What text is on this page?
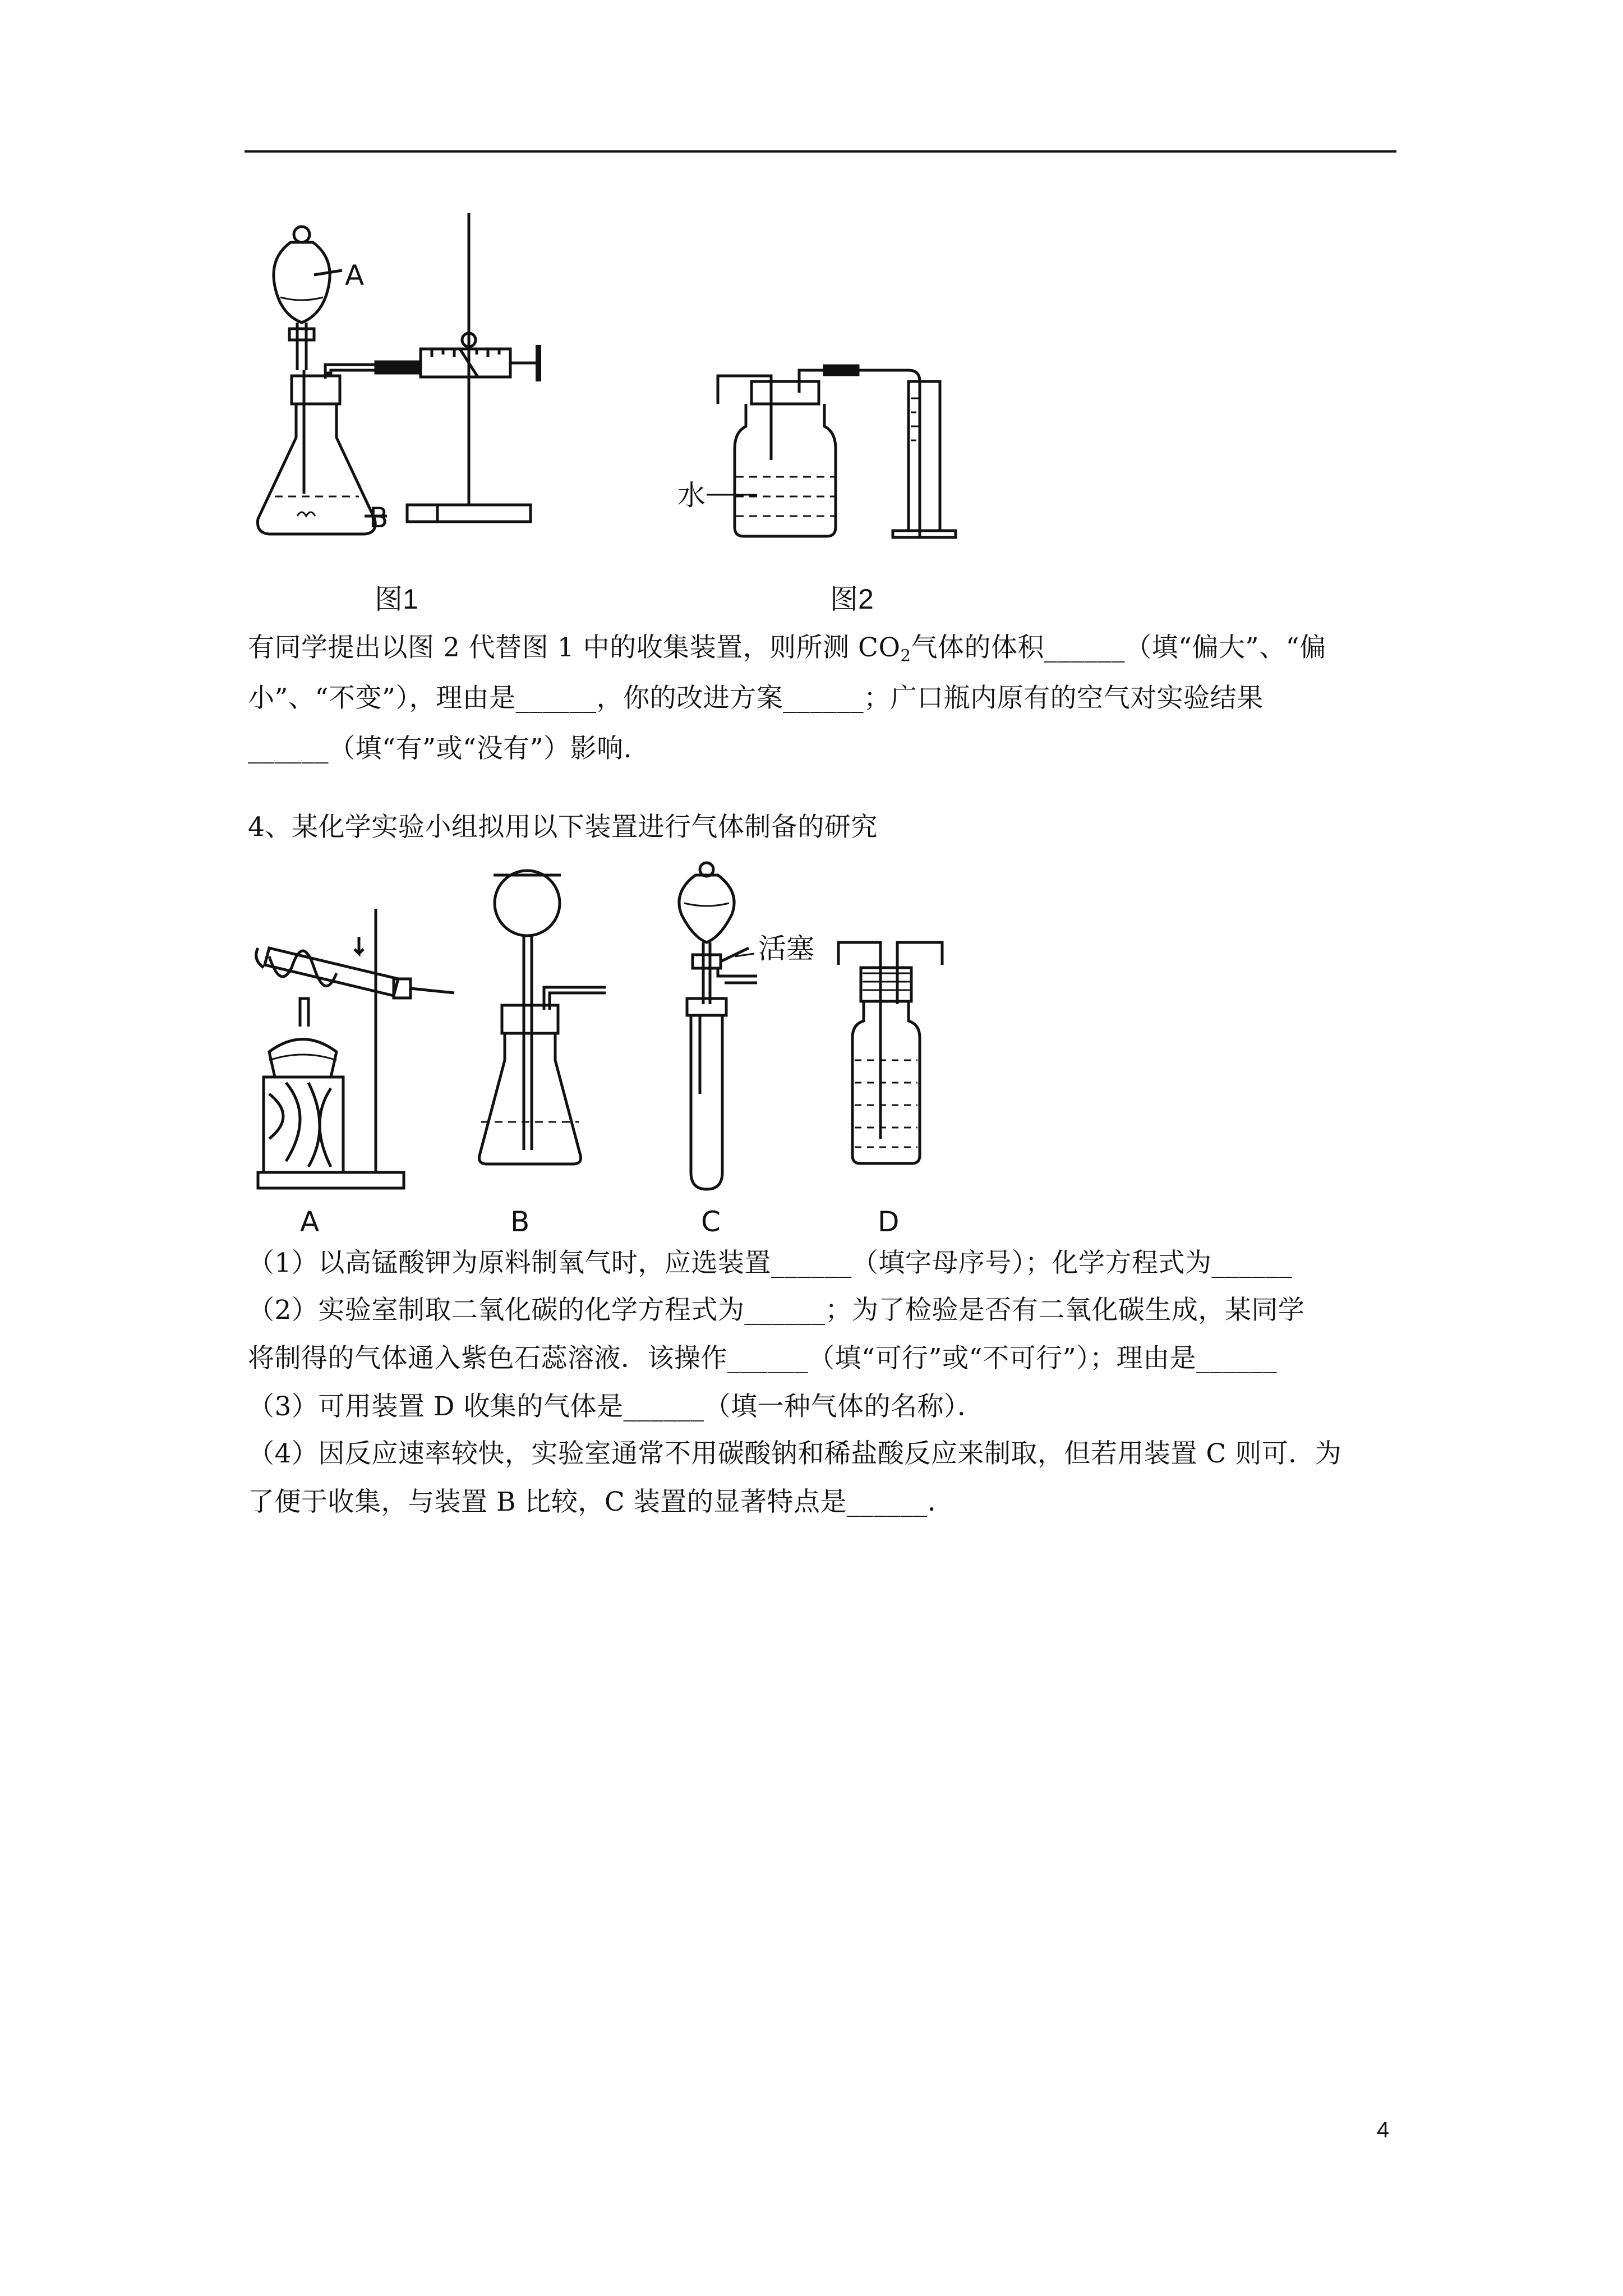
A
B
图1
水
图2
有同学提出以图 2 代替图 1 中的收集装置，则所测 $CO_2$气体的体积______（填“偏大”、“偏
小”、“不变”），理由是______，你的改进方案______；广口瓶内原有的空气对实验结果
______（填“有”或“没有”）影响.
4、某化学实验小组拟用以下装置进行气体制备的研究
活塞
A	B	C	D
（1）以高锰酸钾为原料制氧气时，应选装置______（填字母序号）；化学方程式为______
（2）实验室制取二氧化碳的化学方程式为______；为了检验是否有二氧化碳生成，某同学
将制得的气体通入紫色石蕊溶液．该操作______（填“可行”或“不可行”）；理由是______
（3）可用装置 D 收集的气体是______（填一种气体的名称）．
（4）因反应速率较快，实验室通常不用碳酸钠和稀盐酸反应来制取，但若用装置 C 则可．为
了便于收集，与装置 B 比较，C 装置的显著特点是______．
4
